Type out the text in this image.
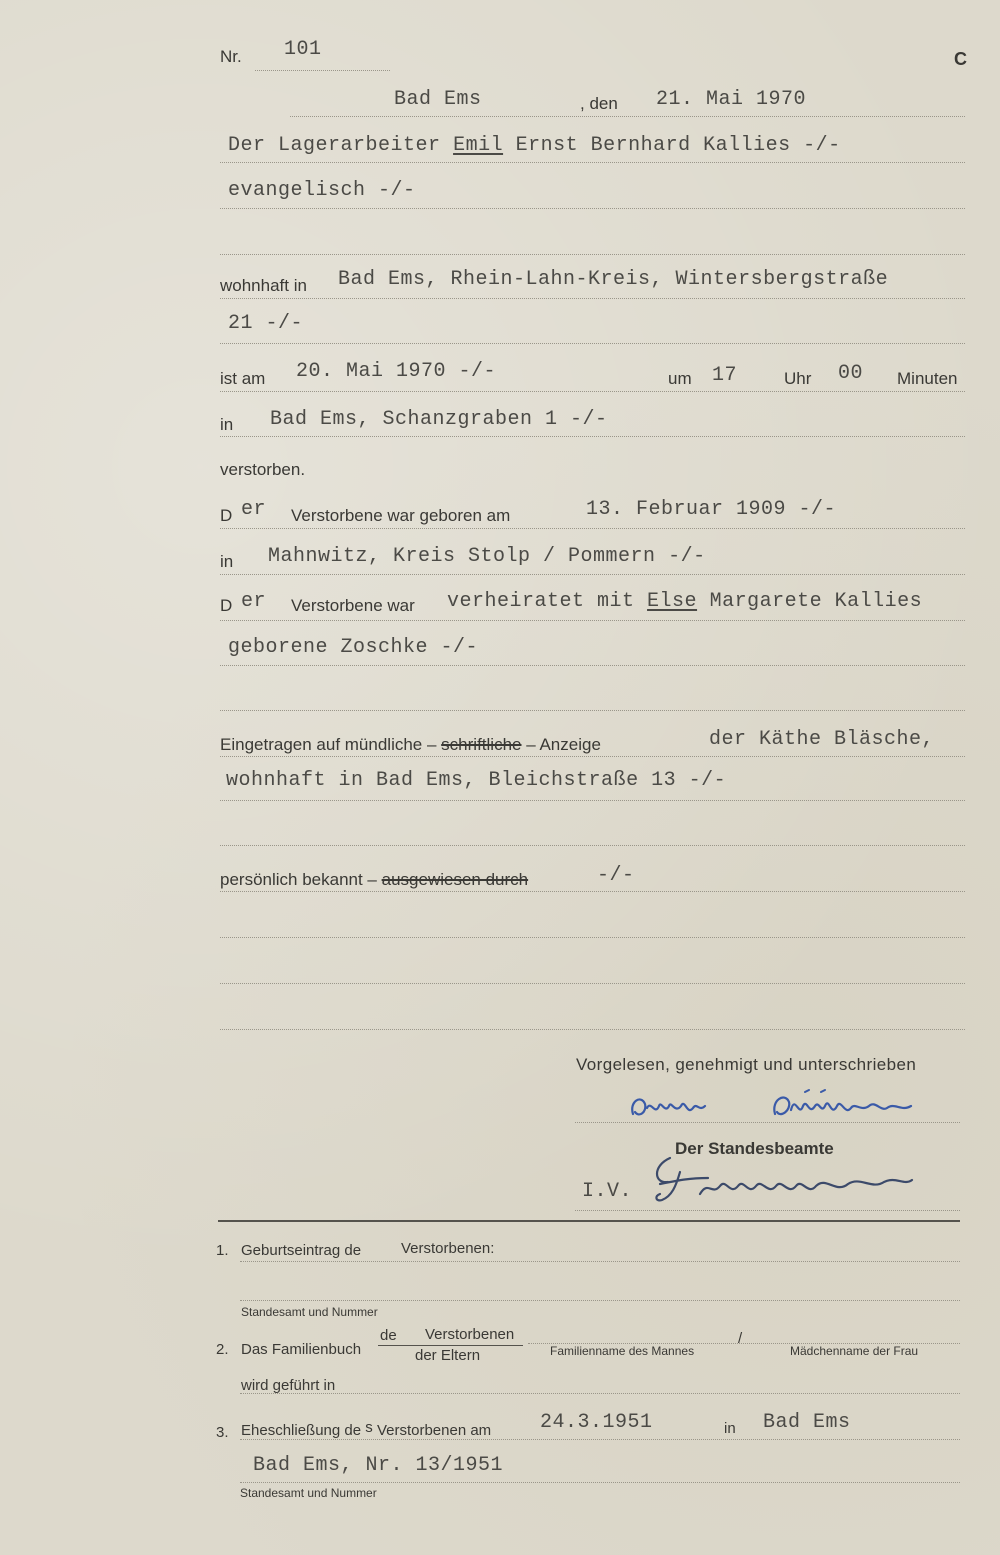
Nr. 101	C
Bad Ems	, den 21. Mai 1970
Der Lagerarbeiter Emil Ernst Bernhard Kallies -/-
evangelisch -/-
wohnhaft in Bad Ems, Rhein-Lahn-Kreis, Wintersbergstraße
21 -/-
ist am 20. Mai 1970 -/-	um 17	Uhr 00 Minuten
in Bad Ems, Schanzgraben 1 -/-
verstorben.
D er Verstorbene war geboren am	13. Februar 1909 -/-
in Mahnwitz, Kreis Stolp / Pommern -/-
D er Verstorbene war verheiratet mit Else Margarete Kallies
geborene Zoschke -/-
Eingetragen auf mündliche – schriftliche – Anzeige	der Käthe Bläsche,
wohnhaft in Bad Ems, Bleichstraße 13 -/-
persönlich bekannt – ausgewiesen durch	-/-
Vorgelesen, genehmigt und unterschrieben
Der Standesbeamte
I.V.
1. Geburtseintrag de	Verstorbenen:
Standesamt und Nummer
2. Das Familienbuch
de Verstorbenen
der Eltern	Familienname des Mannes
/
Mädchenname der Frau
wird geführt in
3. Eheschließung de s Verstorbenen am 24.3.1951	in Bad Ems
Bad Ems, Nr. 13/1951
Standesamt und Nummer
